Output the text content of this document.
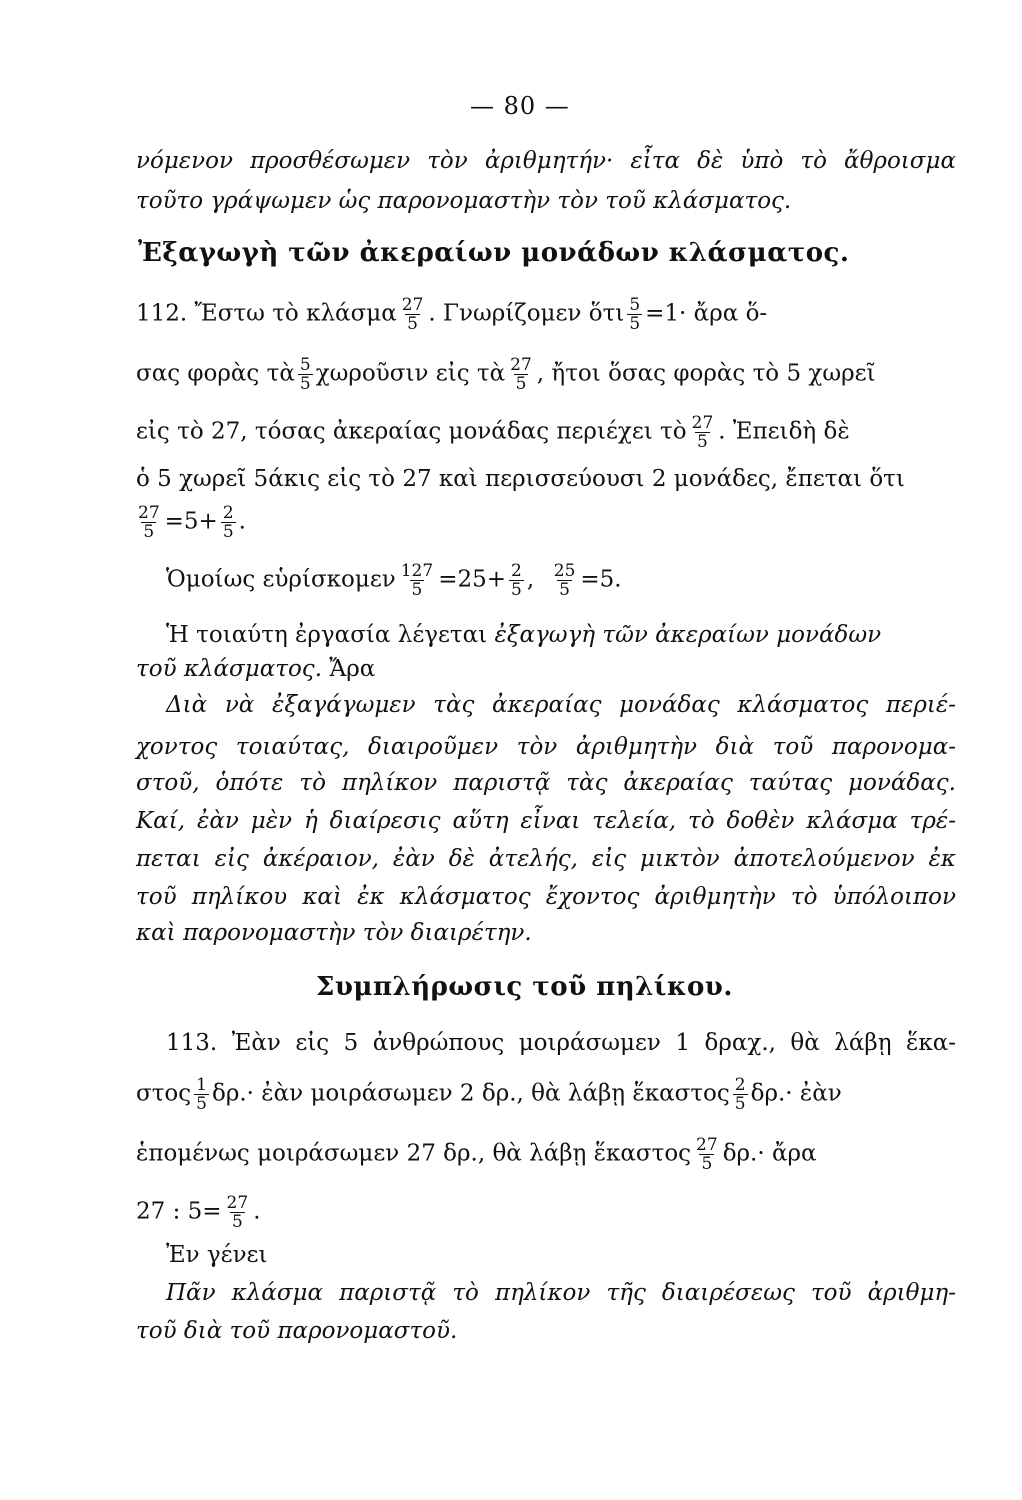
— 80 —
νόμενον προσθέσωμεν τὸν ἀριθμητήν· εἶτα δὲ ὑπὸ τὸ ἄθροισμα
τοῦτο γράψωμεν ὡς παρονομαστὴν τὸν τοῦ κλάσματος.
Ἐξαγωγὴ τῶν ἀκεραίων μονάδων κλάσματος.
112. Ἔστω τὸ κλάσμα $\frac{27}{5}$ . Γνωρίζομεν ὅτι $\frac{5}{5} =1\cdot$ ἄρα ὅ-
σας φορὰς τὰ $\frac{5}{5}$ χωροῦσιν εἰς τὰ $\frac{27}{5}$ , ἤτοι ὅσας φορὰς τὸ 5 χωρεῖ
εἰς τὸ 27, τόσας ἀκεραίας μονάδας περιέχει τὸ $\frac{27}{5}$ . Ἐπειδὴ δὲ
ὁ 5 χωρεῖ 5άκις εἰς τὸ 27 καὶ περισσεύουσι 2 μονάδες, ἔπεται ὅτι
$\frac{27}{5} =5+ \frac{2}{5}$ .
Ὁμοίως εὑρίσκομεν $\frac{127}{5} =25+ \frac{2}{5}$ , $\frac{25}{5} =5$.
Ἡ τοιαύτη ἐργασία λέγεται ἐξαγωγὴ τῶν ἀκεραίων μονάδων
τοῦ κλάσματος. Ἄρα
Διὰ νὰ ἐξαγάγωμεν τὰς ἀκεραίας μονάδας κλάσματος περιέ-
χοντος τοιαύτας, διαιροῦμεν τὸν ἀριθμητὴν διὰ τοῦ παρονομα-
στοῦ, ὁπότε τὸ πηλίκον παριστᾷ τὰς ἀκεραίας ταύτας μονάδας.
Καί, ἐὰν μὲν ἡ διαίρεσις αὕτη εἶναι τελεία, τὸ δοθὲν κλάσμα τρέ-
πεται εἰς ἀκέραιον, ἐὰν δὲ ἀτελής, εἰς μικτὸν ἀποτελούμενον ἐκ
τοῦ πηλίκου καὶ ἐκ κλάσματος ἔχοντος ἀριθμητὴν τὸ ὑπόλοιπον
καὶ παρονομαστὴν τὸν διαιρέτην.
Συμπλήρωσις τοῦ πηλίκου.
113. Ἐὰν εἰς 5 ἀνθρώπους μοιράσωμεν 1 δραχ., θὰ λάβῃ ἕκα-
στος $\frac{1}{5} \delta\rho.\cdot$ ἐὰν μοιράσωμεν 2 δρ., θὰ λάβῃ ἕκαστος $\frac{2}{5} \delta\rho.\cdot$ ἐὰν
ἑπομένως μοιράσωμεν 27 δρ., θὰ λάβῃ ἕκαστος $\frac{27}{5} \delta\rho.\cdot$ ἄρα
27 : $5= \frac{27}{5}$ .
Ἐν γένει
Πᾶν κλάσμα παριστᾷ τὸ πηλίκον τῆς διαιρέσεως τοῦ ἀριθμη-
τοῦ διὰ τοῦ παρονομαστοῦ.
